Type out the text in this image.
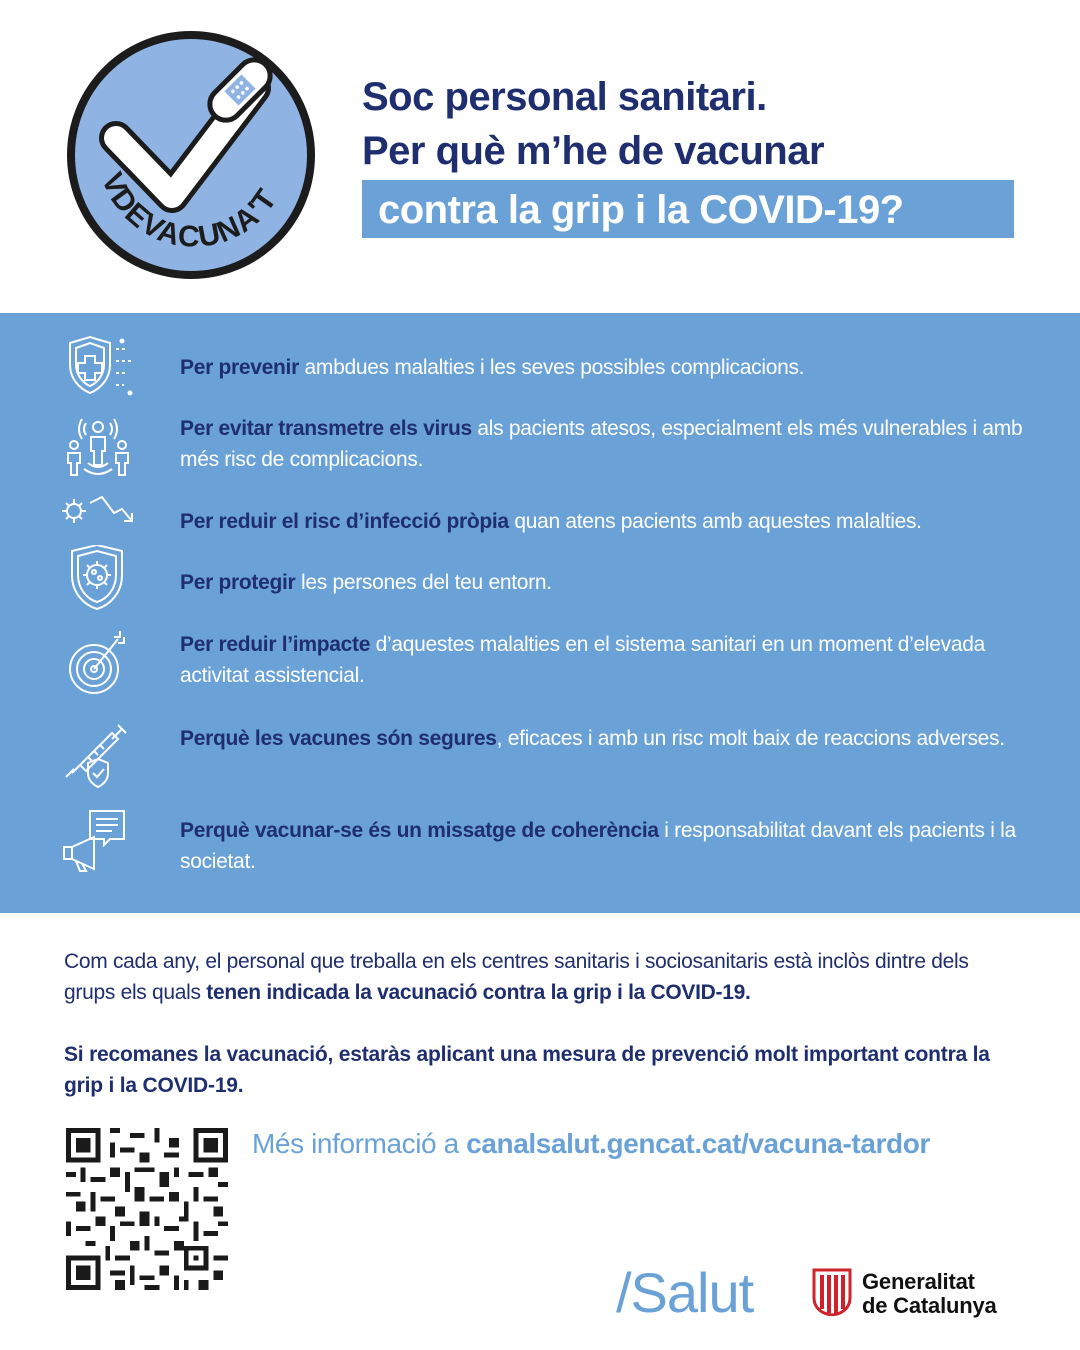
VDEVACUNA'T
Soc personal sanitari.
Per què m’he de vacunar
contra la grip i la COVID-19?
Per prevenir ambdues malalties i les seves possibles complicacions.
Per evitar transmetre els virus als pacients atesos, especialment els més vulnerables i amb més risc de complicacions.
Per reduir el risc d’infecció pròpia quan atens pacients amb aquestes malalties.
Per protegir les persones del teu entorn.
Per reduir l’impacte d’aquestes malalties en el sistema sanitari en un moment d’elevada activitat assistencial.
Perquè les vacunes són segures, eficaces i amb un risc molt baix de reaccions adverses.
Perquè vacunar-se és un missatge de coherència i responsabilitat davant els pacients i la societat.
Com cada any, el personal que treballa en els centres sanitaris i sociosanitaris està inclòs dintre dels grups els quals tenen indicada la vacunació contra la grip i la COVID-19.
Si recomanes la vacunació, estaràs aplicant una mesura de prevenció molt important contra la grip i la COVID-19.
Més informació a canalsalut.gencat.cat/vacuna-tardor
/Salut	Generalitat
de Catalunya
